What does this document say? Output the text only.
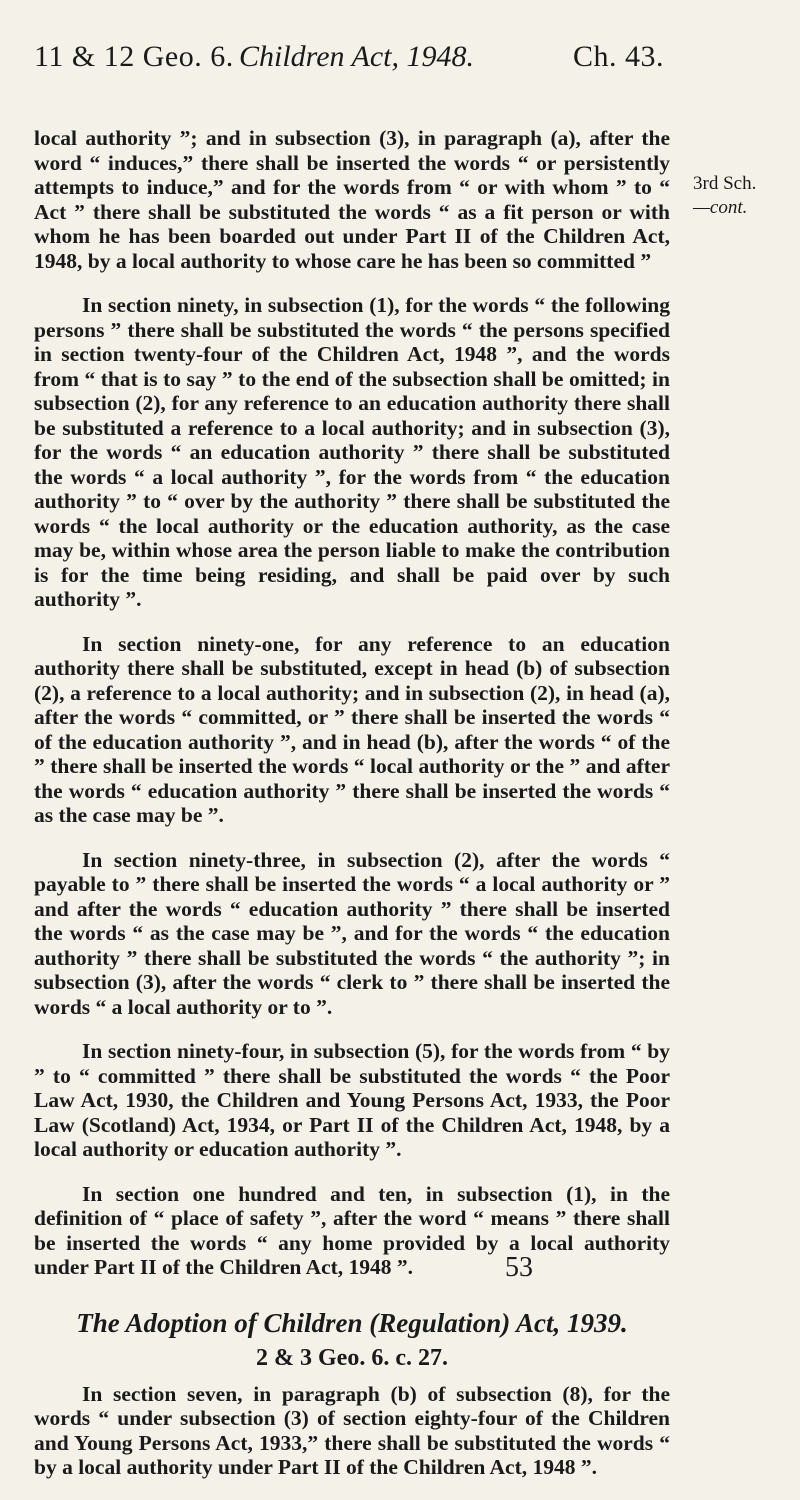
11 & 12 Geo. 6. Children Act, 1948.	Ch. 43.
3rd Sch.
—cont.

local authority ”; and in subsection (3), in paragraph (a), after the word “ induces,” there shall be inserted the words “ or persistently attempts to induce,” and for the words from “ or with whom ” to “ Act ” there shall be substituted the words “ as a fit person or with whom he has been boarded out under Part II of the Children Act, 1948, by a local authority to whose care he has been so committed ”

In section ninety, in subsection (1), for the words “ the following persons ” there shall be substituted the words “ the persons specified in section twenty-four of the Children Act, 1948 ”, and the words from “ that is to say ” to the end of the subsection shall be omitted; in subsection (2), for any reference to an education authority there shall be substituted a reference to a local authority; and in subsection (3), for the words “ an education authority ” there shall be substituted the words “ a local authority ”, for the words from “ the education authority ” to “ over by the authority ” there shall be substituted the words “ the local authority or the education authority, as the case may be, within whose area the person liable to make the contribution is for the time being residing, and shall be paid over by such authority ”.

In section ninety-one, for any reference to an education authority there shall be substituted, except in head (b) of subsection (2), a reference to a local authority; and in subsection (2), in head (a), after the words “ committed, or ” there shall be inserted the words “ of the education authority ”, and in head (b), after the words “ of the ” there shall be inserted the words “ local authority or the ” and after the words “ education authority ” there shall be inserted the words “ as the case may be ”.

In section ninety-three, in subsection (2), after the words “ payable to ” there shall be inserted the words “ a local authority or ” and after the words “ education authority ” there shall be inserted the words “ as the case may be ”, and for the words “ the education authority ” there shall be substituted the words “ the authority ”; in subsection (3), after the words “ clerk to ” there shall be inserted the words “ a local authority or to ”.

In section ninety-four, in subsection (5), for the words from “ by ” to “ committed ” there shall be substituted the words “ the Poor Law Act, 1930, the Children and Young Persons Act, 1933, the Poor Law (Scotland) Act, 1934, or Part II of the Children Act, 1948, by a local authority or education authority ”.

In section one hundred and ten, in subsection (1), in the definition of “ place of safety ”, after the word “ means ” there shall be inserted the words “ any home provided by a local authority under Part II of the Children Act, 1948 ”.

The Adoption of Children (Regulation) Act, 1939.
2 & 3 Geo. 6. c. 27.

In section seven, in paragraph (b) of subsection (8), for the words “ under subsection (3) of section eighty-four of the Children and Young Persons Act, 1933,” there shall be substituted the words “ by a local authority under Part II of the Children Act, 1948 ”.

53
